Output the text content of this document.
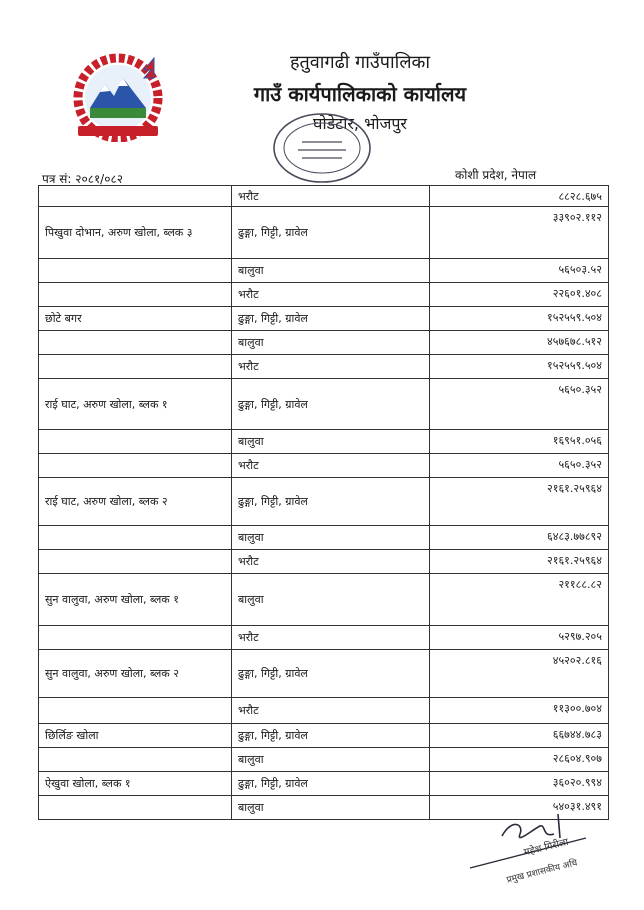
हतुवागढी गाउँपालिका
गाउँ कार्यपालिकाको कार्यालय
घोडेटार, भोजपुर
पत्र सं: २०८१/०८२	कोशी प्रदेश, नेपाल
	भरौट	८८२८.६७५
पिखुवा दोभान, अरुण खोला, ब्लक ३	ढुङ्गा, गिट्टी, ग्रावेल	३३९०२.११२
	बालुवा	५६५०३.५२
	भरौट	२२६०१.४०८
छोटे बगर	ढुङ्गा, गिट्टी, ग्रावेल	१५२५५९.५०४
	बालुवा	४५७६७८.५१२
	भरौट	१५२५५९.५०४
राई घाट, अरुण खोला, ब्लक १	ढुङ्गा, गिट्टी, ग्रावेल	५६५०.३५२
	बालुवा	१६९५१.०५६
	भरौट	५६५०.३५२
राई घाट, अरुण खोला, ब्लक २	ढुङ्गा, गिट्टी, ग्रावेल	२१६१.२५९६४
	बालुवा	६४८३.७७८९२
	भरौट	२१६१.२५९६४
सुन वालुवा, अरुण खोला, ब्लक १	बालुवा	२११८८.८२
	भरौट	५२९७.२०५
सुन वालुवा, अरुण खोला, ब्लक २	ढुङ्गा, गिट्टी, ग्रावेल	४५२०२.८१६
	भरौट	११३००.७०४
छिर्लिङ खोला	ढुङ्गा, गिट्टी, ग्रावेल	६६७४४.७८३
	बालुवा	२८६०४.९०७
ऐखुवा खोला, ब्लक १	ढुङ्गा, गिट्टी, ग्रावेल	३६०२०.९९४
	बालुवा	५४०३१.४९१
महेश गिरीला
प्रमुख प्रशासकीय अधि
